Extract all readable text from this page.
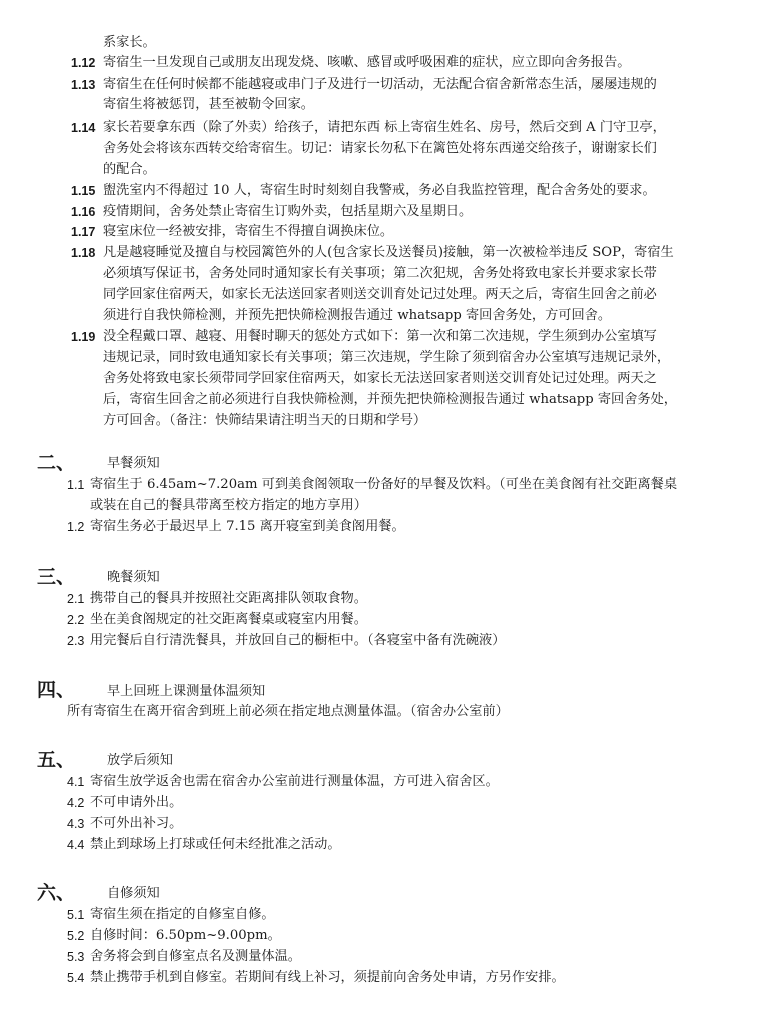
系家长。
1.12 寄宿生一旦发现自己或朋友出现发烧、咳嗽、感冒或呼吸困难的症状，应立即向舍务报告。
1.13 寄宿生在任何时候都不能越寝或串门子及进行一切活动，无法配合宿舍新常态生活，屡屡违规的
寄宿生将被惩罚，甚至被勒令回家。
1.14 家长若要拿东西（除了外卖）给孩子，请把东西 标上寄宿生姓名、房号，然后交到 A 门守卫亭，
舍务处会将该东西转交给寄宿生。切记：请家长勿私下在篱笆处将东西递交给孩子，谢谢家长们
的配合。
1.15 盥洗室内不得超过 10 人，寄宿生时时刻刻自我警戒，务必自我监控管理，配合舍务处的要求。
1.16 疫情期间，舍务处禁止寄宿生订购外卖，包括星期六及星期日。
1.17 寝室床位一经被安排，寄宿生不得擅自调换床位。
1.18 凡是越寝睡觉及擅自与校园篱笆外的人(包含家长及送餐员)接触，第一次被检举违反 SOP，寄宿生
必须填写保证书，舍务处同时通知家长有关事项；第二次犯规，舍务处将致电家长并要求家长带
同学回家住宿两天，如家长无法送回家者则送交训育处记过处理。两天之后，寄宿生回舍之前必
须进行自我快筛检测，并预先把快筛检测报告通过 whatsapp 寄回舍务处，方可回舍。
1.19 没全程戴口罩、越寝、用餐时聊天的惩处方式如下：第一次和第二次违规，学生须到办公室填写
违规记录，同时致电通知家长有关事项；第三次违规，学生除了须到宿舍办公室填写违规记录外，
舍务处将致电家长须带同学回家住宿两天，如家长无法送回家者则送交训育处记过处理。两天之
后，寄宿生回舍之前必须进行自我快筛检测，并预先把快筛检测报告通过 whatsapp 寄回舍务处，
方可回舍。（备注：快筛结果请注明当天的日期和学号）
二、 早餐须知
1.1 寄宿生于 6.45am~7.20am 可到美食阁领取一份备好的早餐及饮料。（可坐在美食阁有社交距离餐桌
或装在自己的餐具带离至校方指定的地方享用）
1.2 寄宿生务必于最迟早上 7.15 离开寝室到美食阁用餐。
三、 晚餐须知
2.1 携带自己的餐具并按照社交距离排队领取食物。
2.2 坐在美食阁规定的社交距离餐桌或寝室内用餐。
2.3 用完餐后自行清洗餐具，并放回自己的橱柜中。（各寝室中备有洗碗液）
四、 早上回班上课测量体温须知
所有寄宿生在离开宿舍到班上前必须在指定地点测量体温。（宿舍办公室前）
五、 放学后须知
4.1 寄宿生放学返舍也需在宿舍办公室前进行测量体温，方可进入宿舍区。
4.2 不可申请外出。
4.3 不可外出补习。
4.4 禁止到球场上打球或任何未经批准之活动。
六、 自修须知
5.1 寄宿生须在指定的自修室自修。
5.2 自修时间：6.50pm~9.00pm。
5.3 舍务将会到自修室点名及测量体温。
5.4 禁止携带手机到自修室。若期间有线上补习，须提前向舍务处申请，方另作安排。
